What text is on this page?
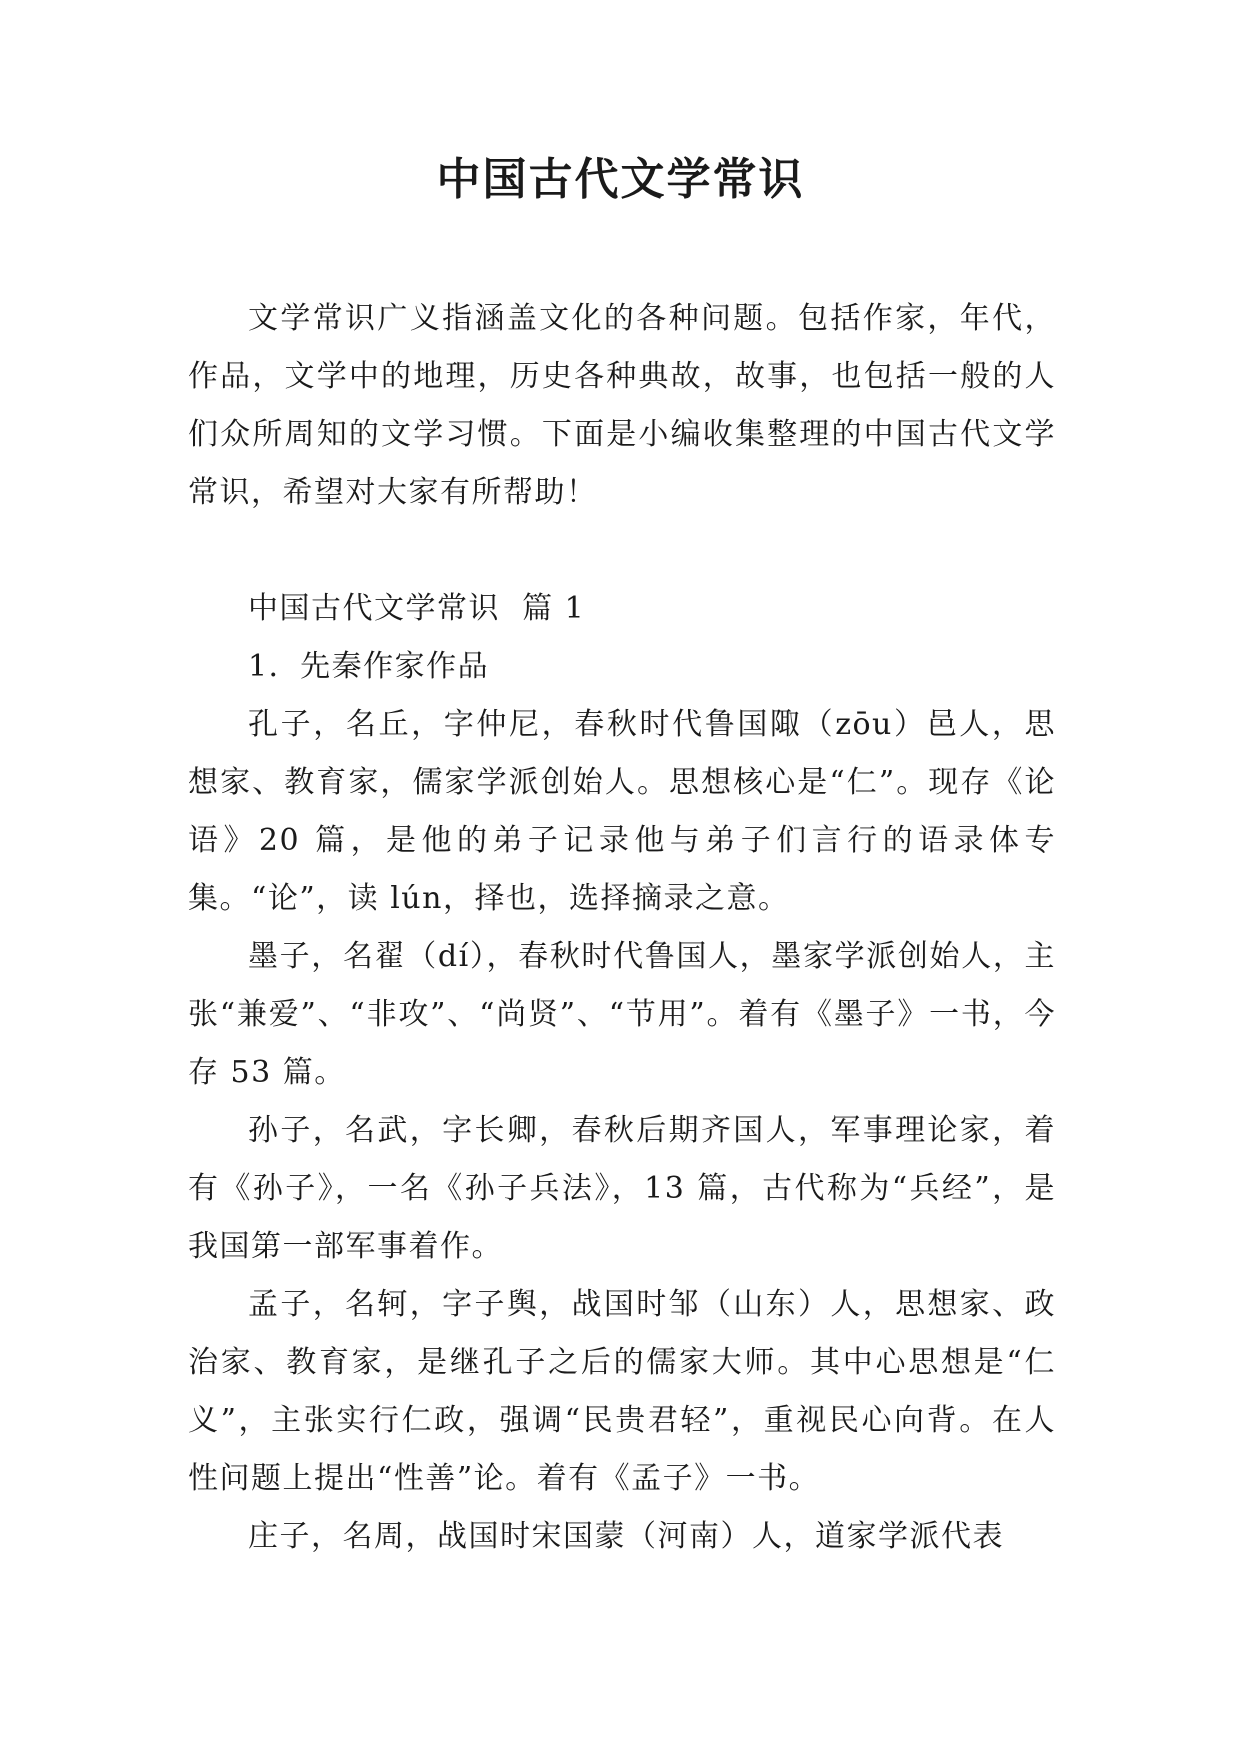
中国古代文学常识

文学常识广义指涵盖文化的各种问题。包括作家，年代，作品，文学中的地理，历史各种典故，故事，也包括一般的人们众所周知的文学习惯。下面是小编收集整理的中国古代文学常识，希望对大家有所帮助！

中国古代文学常识  篇 1

1．先秦作家作品

孔子，名丘，字仲尼，春秋时代鲁国陬（zōu）邑人，思想家、教育家，儒家学派创始人。思想核心是“仁”。现存《论语》20 篇，是他的弟子记录他与弟子们言行的语录体专集。“论”，读 lún，择也，选择摘录之意。

墨子，名翟（dí），春秋时代鲁国人，墨家学派创始人，主张“兼爱”、“非攻”、“尚贤”、“节用”。着有《墨子》一书，今存 53 篇。

孙子，名武，字长卿，春秋后期齐国人，军事理论家，着有《孙子》，一名《孙子兵法》，13 篇，古代称为“兵经”，是我国第一部军事着作。

孟子，名轲，字子舆，战国时邹（山东）人，思想家、政治家、教育家，是继孔子之后的儒家大师。其中心思想是“仁义”，主张实行仁政，强调“民贵君轻”，重视民心向背。在人性问题上提出“性善”论。着有《孟子》一书。

庄子，名周，战国时宋国蒙（河南）人，道家学派代表
